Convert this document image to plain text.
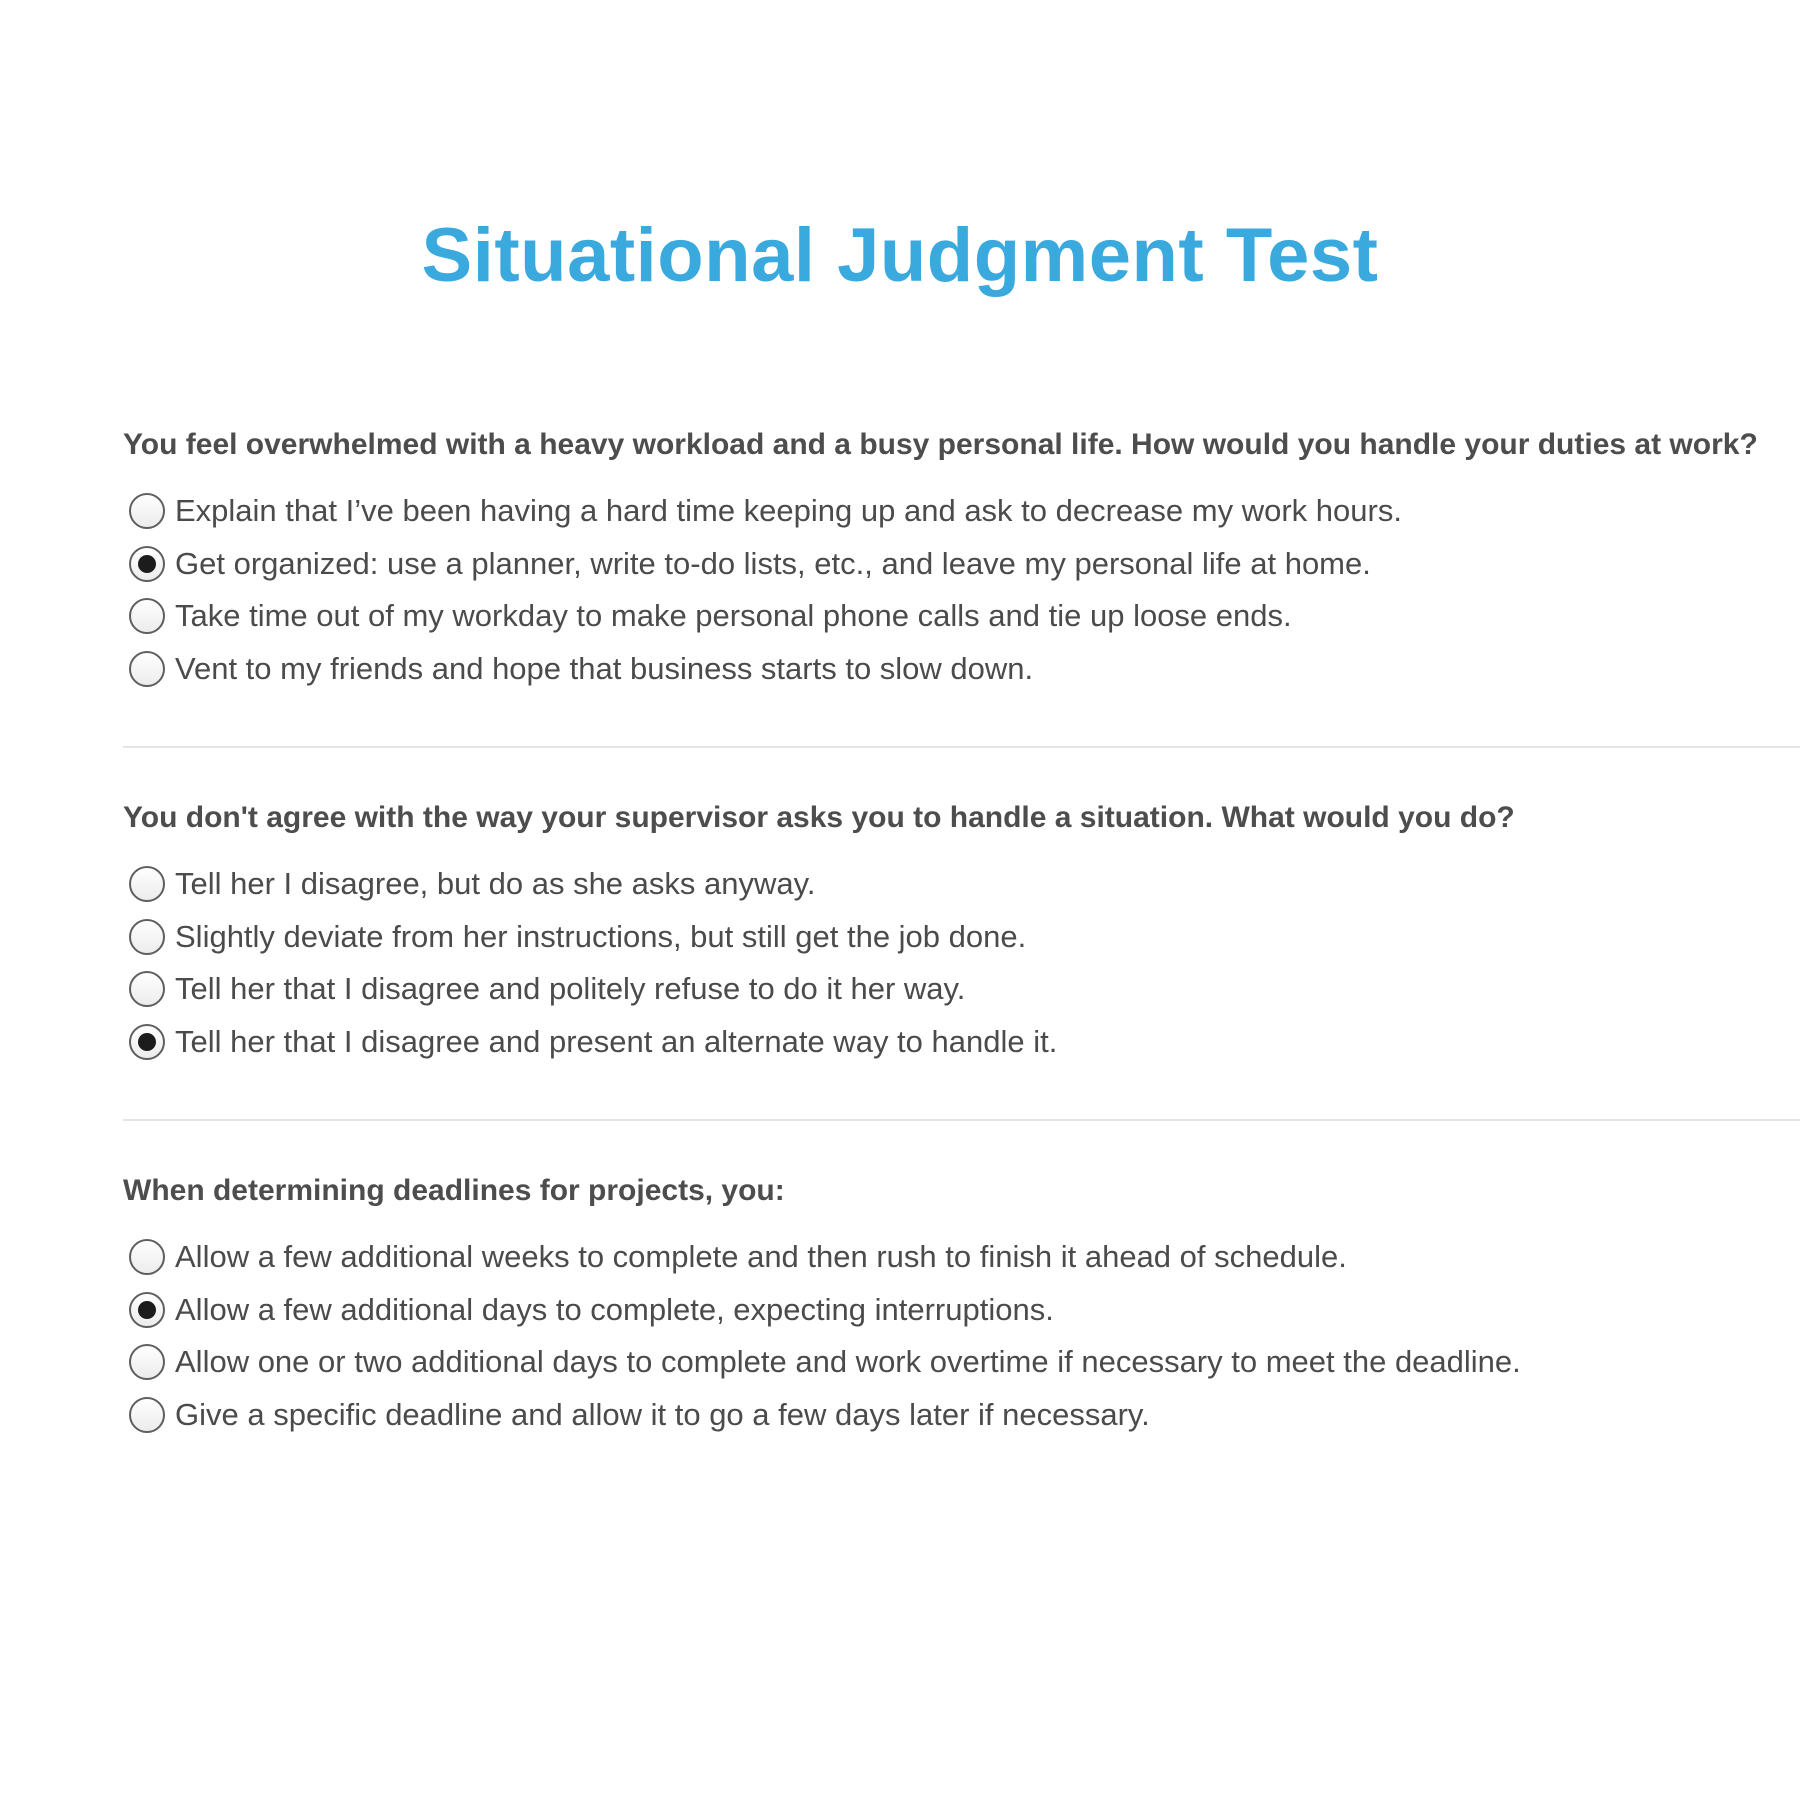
Situational Judgment Test

You feel overwhelmed with a heavy workload and a busy personal life. How would you handle your duties at work?

Explain that I’ve been having a hard time keeping up and ask to decrease my work hours.
Get organized: use a planner, write to-do lists, etc., and leave my personal life at home.
Take time out of my workday to make personal phone calls and tie up loose ends.
Vent to my friends and hope that business starts to slow down.

You don't agree with the way your supervisor asks you to handle a situation. What would you do?

Tell her I disagree, but do as she asks anyway.
Slightly deviate from her instructions, but still get the job done.
Tell her that I disagree and politely refuse to do it her way.
Tell her that I disagree and present an alternate way to handle it.

When determining deadlines for projects, you:

Allow a few additional weeks to complete and then rush to finish it ahead of schedule.
Allow a few additional days to complete, expecting interruptions.
Allow one or two additional days to complete and work overtime if necessary to meet the deadline.
Give a specific deadline and allow it to go a few days later if necessary.
